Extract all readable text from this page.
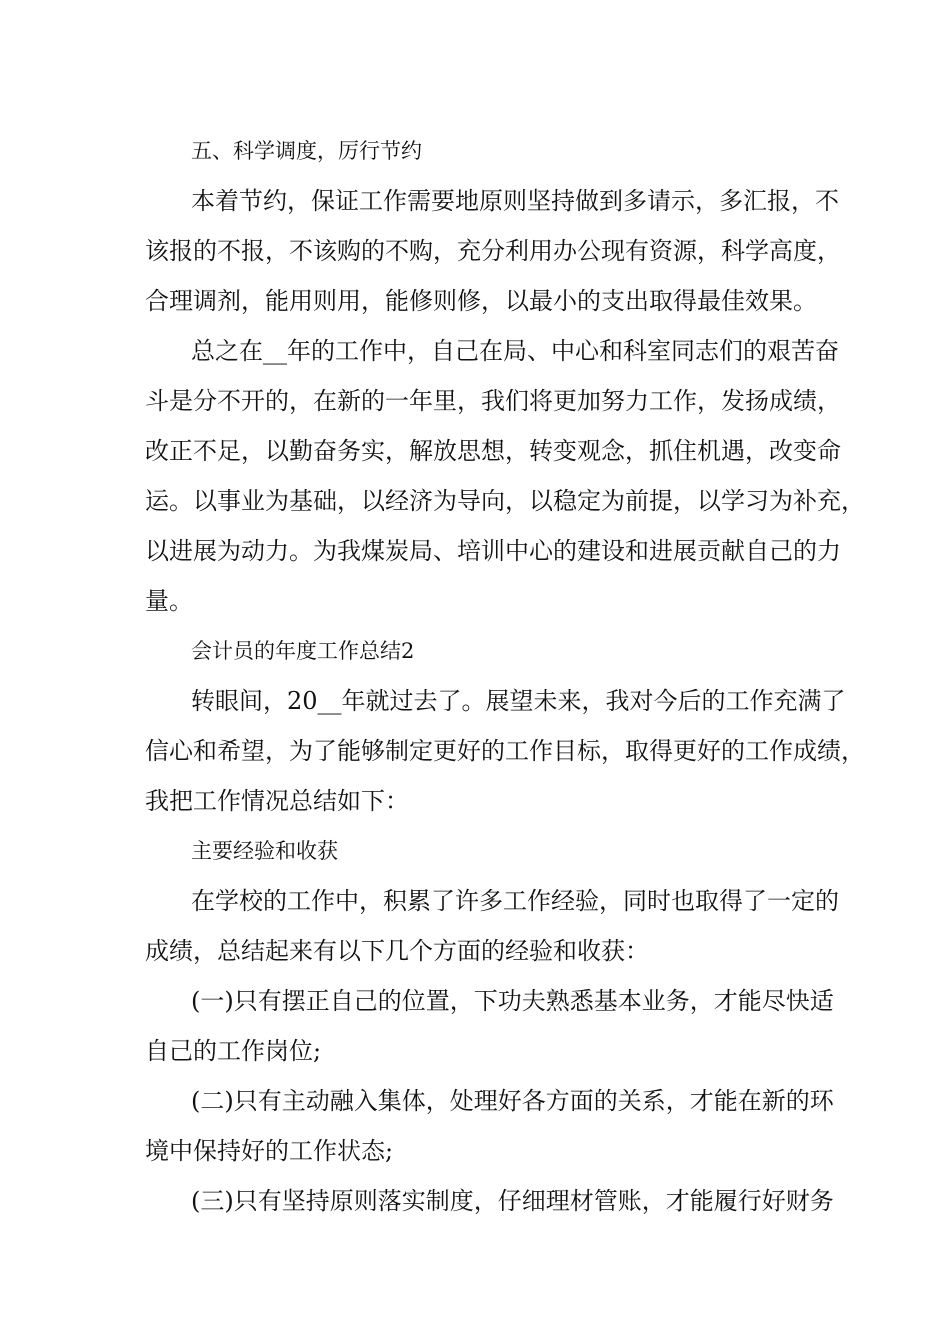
五、科学调度，厉行节约
本着节约，保证工作需要地原则坚持做到多请示，多汇报，不
该报的不报，不该购的不购，充分利用办公现有资源，科学高度，
合理调剂，能用则用，能修则修，以最小的支出取得最佳效果。
总之在__年的工作中，自己在局、中心和科室同志们的艰苦奋
斗是分不开的，在新的一年里，我们将更加努力工作，发扬成绩，
改正不足，以勤奋务实，解放思想，转变观念，抓住机遇，改变命
运。以事业为基础，以经济为导向，以稳定为前提，以学习为补充，
以进展为动力。为我煤炭局、培训中心的建设和进展贡献自己的力
量。
会计员的年度工作总结2
转眼间，20__年就过去了。展望未来，我对今后的工作充满了
信心和希望，为了能够制定更好的工作目标，取得更好的工作成绩，
我把工作情况总结如下：
主要经验和收获
在学校的工作中，积累了许多工作经验，同时也取得了一定的
成绩，总结起来有以下几个方面的经验和收获：
(一)只有摆正自己的位置，下功夫熟悉基本业务，才能尽快适
自己的工作岗位;
(二)只有主动融入集体，处理好各方面的关系，才能在新的环
境中保持好的工作状态;
(三)只有坚持原则落实制度，仔细理材管账，才能履行好财务
